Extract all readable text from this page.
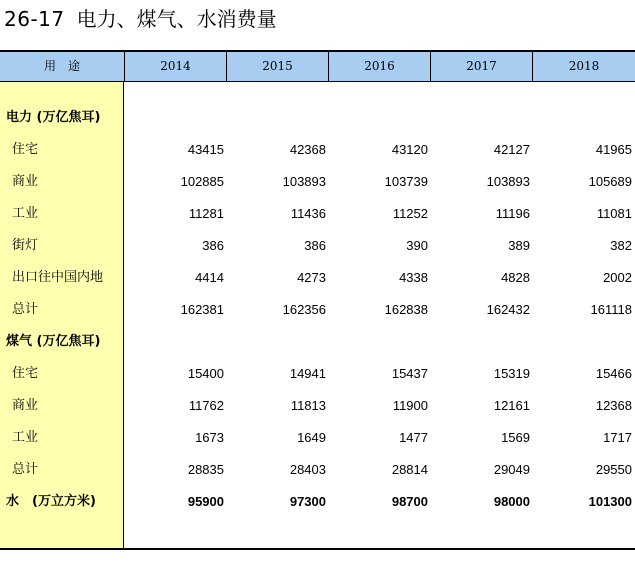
26-17 电力、煤气、水消费量
用　途	2014	2015	2016	2017	2018
电力 (万亿焦耳)
住宅	43415	42368	43120	42127	41965
商业	102885	103893	103739	103893	105689
工业	11281	11436	11252	11196	11081
街灯	386	386	390	389	382
出口往中国内地	4414	4273	4338	4828	2002
总计	162381	162356	162838	162432	161118
煤气 (万亿焦耳)
住宅	15400	14941	15437	15319	15466
商业	11762	11813	11900	12161	12368
工业	1673	1649	1477	1569	1717
总计	28835	28403	28814	29049	29550
水　(万立方米)	95900	97300	98700	98000	101300
